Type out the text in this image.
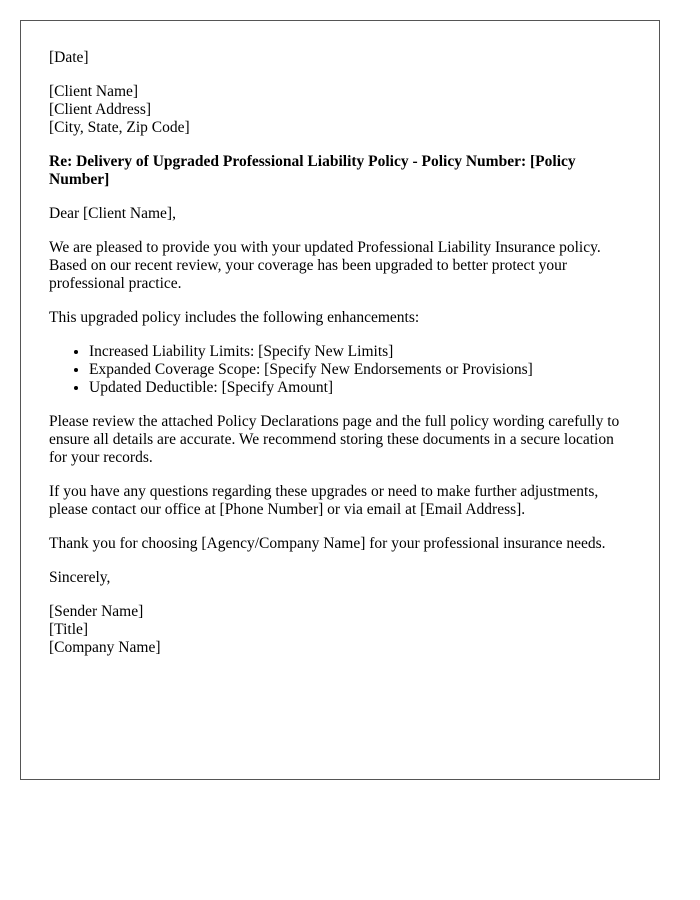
[Date]

[Client Name]
[Client Address]
[City, State, Zip Code]

Re: Delivery of Upgraded Professional Liability Policy - Policy Number: [Policy Number]

Dear [Client Name],

We are pleased to provide you with your updated Professional Liability Insurance policy. Based on our recent review, your coverage has been upgraded to better protect your professional practice.

This upgraded policy includes the following enhancements:

• Increased Liability Limits: [Specify New Limits]
• Expanded Coverage Scope: [Specify New Endorsements or Provisions]
• Updated Deductible: [Specify Amount]

Please review the attached Policy Declarations page and the full policy wording carefully to ensure all details are accurate. We recommend storing these documents in a secure location for your records.

If you have any questions regarding these upgrades or need to make further adjustments, please contact our office at [Phone Number] or via email at [Email Address].

Thank you for choosing [Agency/Company Name] for your professional insurance needs.

Sincerely,

[Sender Name]
[Title]
[Company Name]
